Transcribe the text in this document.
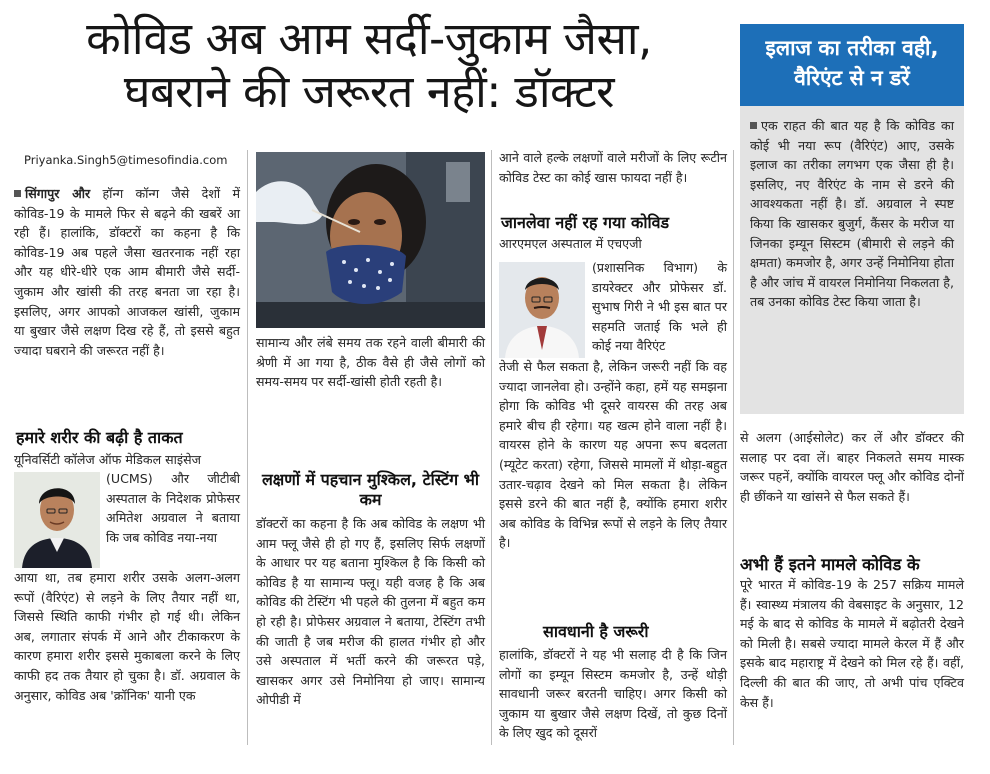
कोविड अब आम सर्दी-जुकाम जैसा,
घबराने की जरूरत नहीं: डॉक्टर
Priyanka.Singh5@timesofindia.com

सिंगापुर और हॉन्ग कॉन्ग जैसे देशों में कोविड-19 के मामले फिर से बढ़ने की खबरें आ रही हैं। हालांकि, डॉक्टरों का कहना है कि कोविड-19 अब पहले जैसा खतरनाक नहीं रहा और यह धीरे-धीरे एक आम बीमारी जैसे सर्दी-जुकाम और खांसी की तरह बनता जा रहा है। इसलिए, अगर आपको आजकल खांसी, जुकाम या बुखार जैसे लक्षण दिख रहे हैं, तो इससे बहुत ज्यादा घबराने की जरूरत नहीं है।

हमारे शरीर की बढ़ी है ताकत
यूनिवर्सिटी कॉलेज ऑफ मेडिकल साइंसेज
(UCMS) और जीटीबी अस्पताल के निदेशक प्रोफेसर अमितेश अग्रवाल ने बताया कि जब कोविड नया-नया
आया था, तब हमारा शरीर उसके अलग-अलग रूपों (वैरिएंट) से लड़ने के लिए तैयार नहीं था, जिससे स्थिति काफी गंभीर हो गई थी। लेकिन अब, लगातार संपर्क में आने और टीकाकरण के कारण हमारा शरीर इससे मुकाबला करने के लिए काफी हद तक तैयार हो चुका है। डॉ. अग्रवाल के अनुसार, कोविड अब 'क्रॉनिक' यानी एक
सामान्य और लंबे समय तक रहने वाली बीमारी की श्रेणी में आ गया है, ठीक वैसे ही जैसे लोगों को समय-समय पर सर्दी-खांसी होती रहती है।
लक्षणों में पहचान मुश्किल, टेस्टिंग भी कम
डॉक्टरों का कहना है कि अब कोविड के लक्षण भी आम फ्लू जैसे ही हो गए हैं, इसलिए सिर्फ लक्षणों के आधार पर यह बताना मुश्किल है कि किसी को कोविड है या सामान्य फ्लू। यही वजह है कि अब कोविड की टेस्टिंग भी पहले की तुलना में बहुत कम हो रही है। प्रोफेसर अग्रवाल ने बताया, टेस्टिंग तभी की जाती है जब मरीज की हालत गंभीर हो और उसे अस्पताल में भर्ती करने की जरूरत पड़े, खासकर अगर उसे निमोनिया हो जाए। सामान्य ओपीडी में
आने वाले हल्के लक्षणों वाले मरीजों के लिए रूटीन कोविड टेस्ट का कोई खास फायदा नहीं है।
जानलेवा नहीं रह गया कोविड
आरएमएल अस्पताल में एचएजी
(प्रशासनिक विभाग) के डायरेक्टर और प्रोफेसर डॉ. सुभाष गिरी ने भी इस बात पर सहमति जताई कि भले ही कोई नया वैरिएंट
तेजी से फैल सकता है, लेकिन जरूरी नहीं कि वह ज्यादा जानलेवा हो। उन्होंने कहा, हमें यह समझना होगा कि कोविड भी दूसरे वायरस की तरह अब हमारे बीच ही रहेगा। यह खत्म होने वाला नहीं है। वायरस होने के कारण यह अपना रूप बदलता (म्यूटेट करता) रहेगा, जिससे मामलों में थोड़ा-बहुत उतार-चढ़ाव देखने को मिल सकता है। लेकिन इससे डरने की बात नहीं है, क्योंकि हमारा शरीर अब कोविड के विभिन्न रूपों से लड़ने के लिए तैयार है।
सावधानी है जरूरी
हालांकि, डॉक्टरों ने यह भी सलाह दी है कि जिन लोगों का इम्यून सिस्टम कमजोर है, उन्हें थोड़ी सावधानी जरूर बरतनी चाहिए। अगर किसी को जुकाम या बुखार जैसे लक्षण दिखें, तो कुछ दिनों के लिए खुद को दूसरों
इलाज का तरीका वही, वैरिएंट से न डरें

एक राहत की बात यह है कि कोविड का कोई भी नया रूप (वैरिएंट) आए, उसके इलाज का तरीका लगभग एक जैसा ही है। इसलिए, नए वैरिएंट के नाम से डरने की आवश्यकता नहीं है। डॉ. अग्रवाल ने स्पष्ट किया कि खासकर बुजुर्ग, कैंसर के मरीज या जिनका इम्यून सिस्टम (बीमारी से लड़ने की क्षमता) कमजोर है, अगर उन्हें निमोनिया होता है और जांच में वायरल निमोनिया निकलता है, तब उनका कोविड टेस्ट किया जाता है।

से अलग (आईसोलेट) कर लें और डॉक्टर की सलाह पर दवा लें। बाहर निकलते समय मास्क जरूर पहनें, क्योंकि वायरल फ्लू और कोविड दोनों ही छींकने या खांसने से फैल सकते हैं।
अभी हैं इतने मामले कोविड के
पूरे भारत में कोविड-19 के 257 सक्रिय मामले हैं। स्वास्थ्य मंत्रालय की वेबसाइट के अनुसार, 12 मई के बाद से कोविड के मामले में बढ़ोतरी देखने को मिली है। सबसे ज्यादा मामले केरल में हैं और इसके बाद महाराष्ट्र में देखने को मिल रहे हैं। वहीं, दिल्ली की बात की जाए, तो अभी पांच एक्टिव केस हैं।
